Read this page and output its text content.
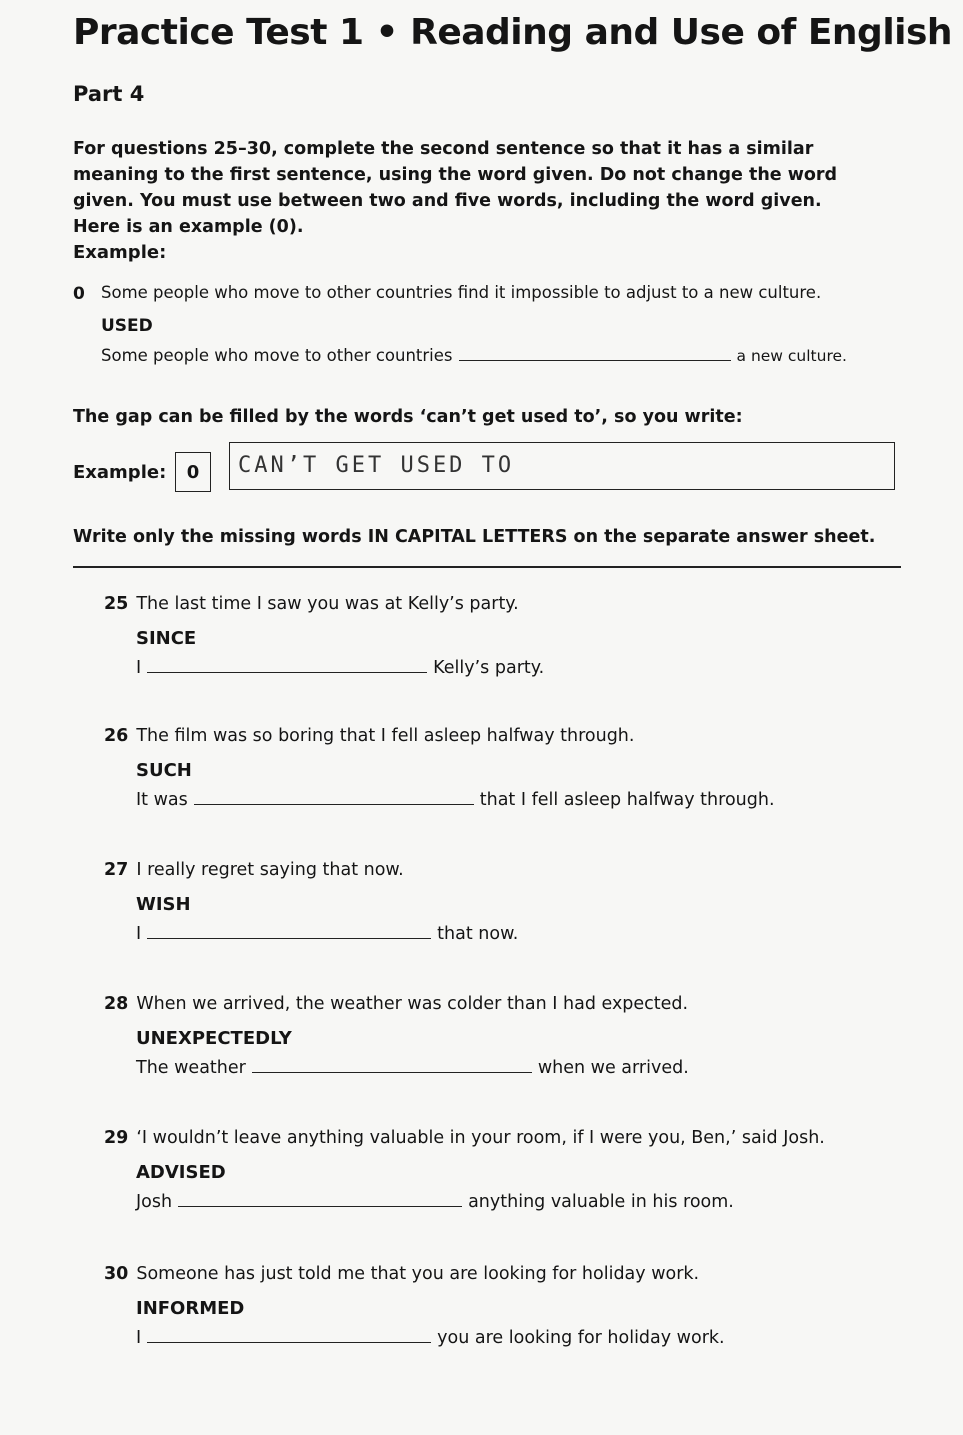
Practice Test 1 • Reading and Use of English
Part 4
For questions 25–30, complete the second sentence so that it has a similar meaning to the first sentence, using the word given. Do not change the word given. You must use between two and five words, including the word given. Here is an example (0).
Example:
0 Some people who move to other countries find it impossible to adjust to a new culture.
USED
Some people who move to other countries	a new culture.
The gap can be filled by the words ‘can’t get used to’, so you write:
Example:	0	CAN’T GET USED TO
Write only the missing words IN CAPITAL LETTERS on the separate answer sheet.
25 The last time I saw you was at Kelly’s party.
SINCE
I	Kelly’s party.
26 The film was so boring that I fell asleep halfway through.
SUCH
It was	that I fell asleep halfway through.
27 I really regret saying that now.
WISH
I	that now.
28 When we arrived, the weather was colder than I had expected.
UNEXPECTEDLY
The weather	when we arrived.
29 ‘I wouldn’t leave anything valuable in your room, if I were you, Ben,’ said Josh.
ADVISED
Josh	anything valuable in his room.
30 Someone has just told me that you are looking for holiday work.
INFORMED
I	you are looking for holiday work.
